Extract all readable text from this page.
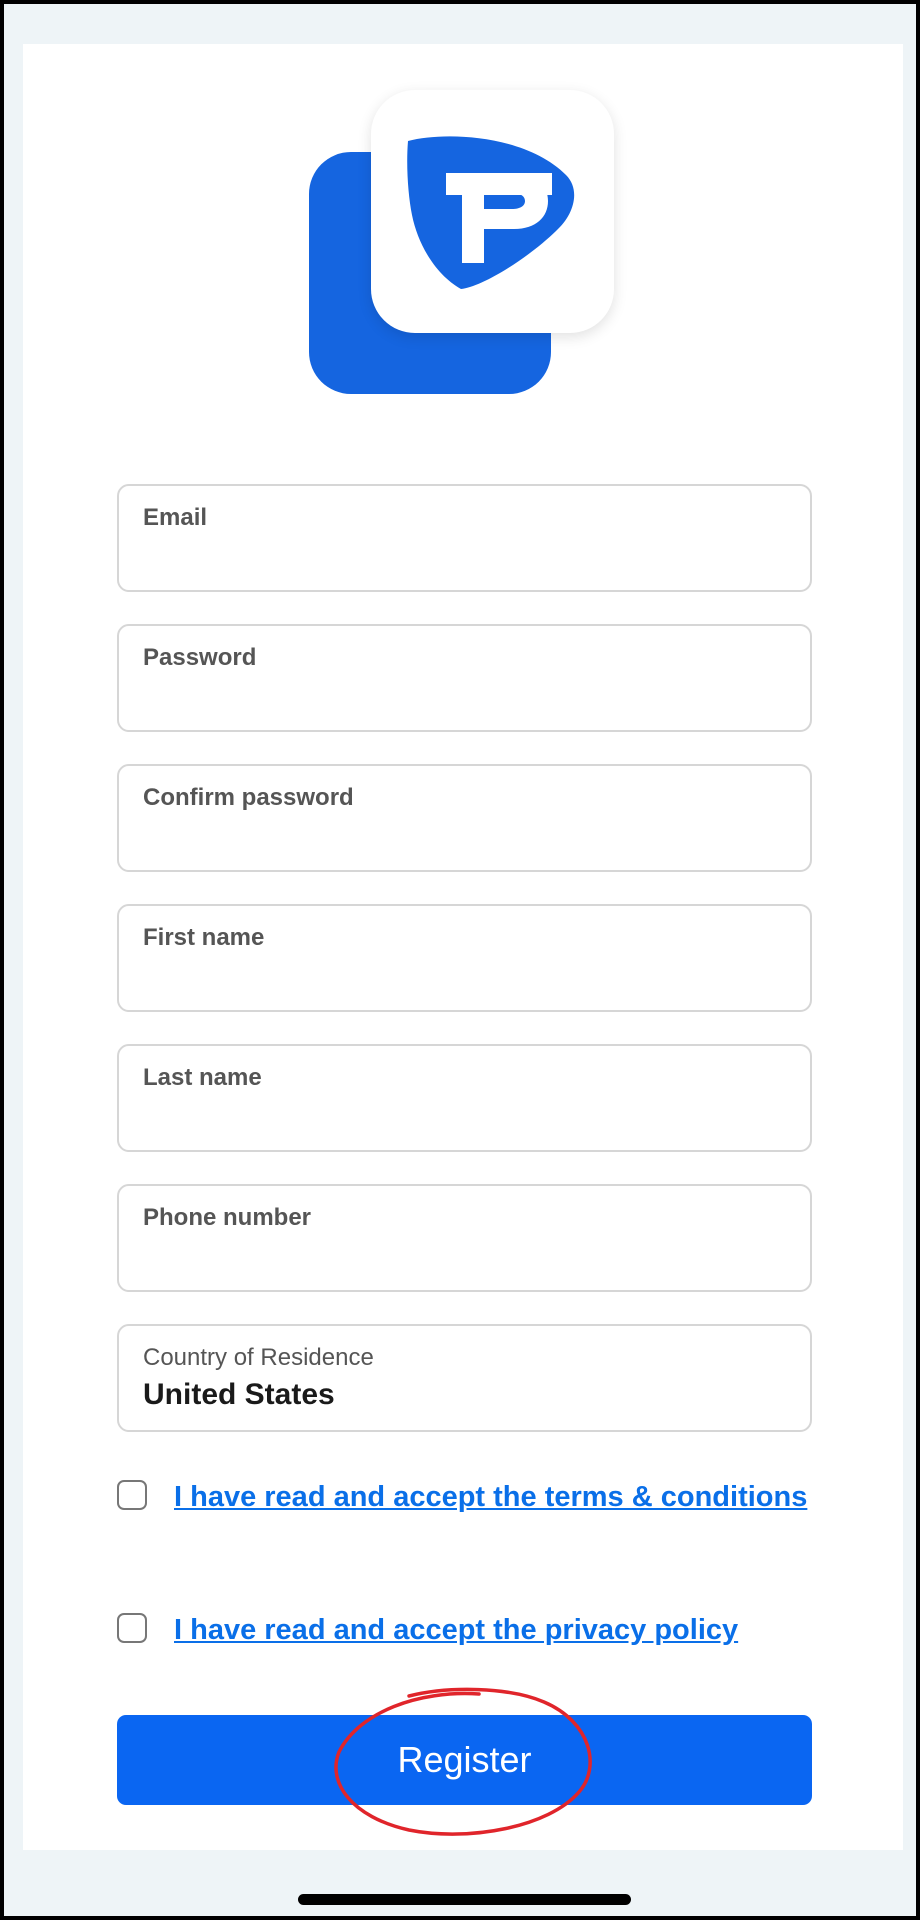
Email
Password
Confirm password
First name
Last name
Phone number
Country of Residence
United States
I have read and accept the terms & conditions
I have read and accept the privacy policy
Register
